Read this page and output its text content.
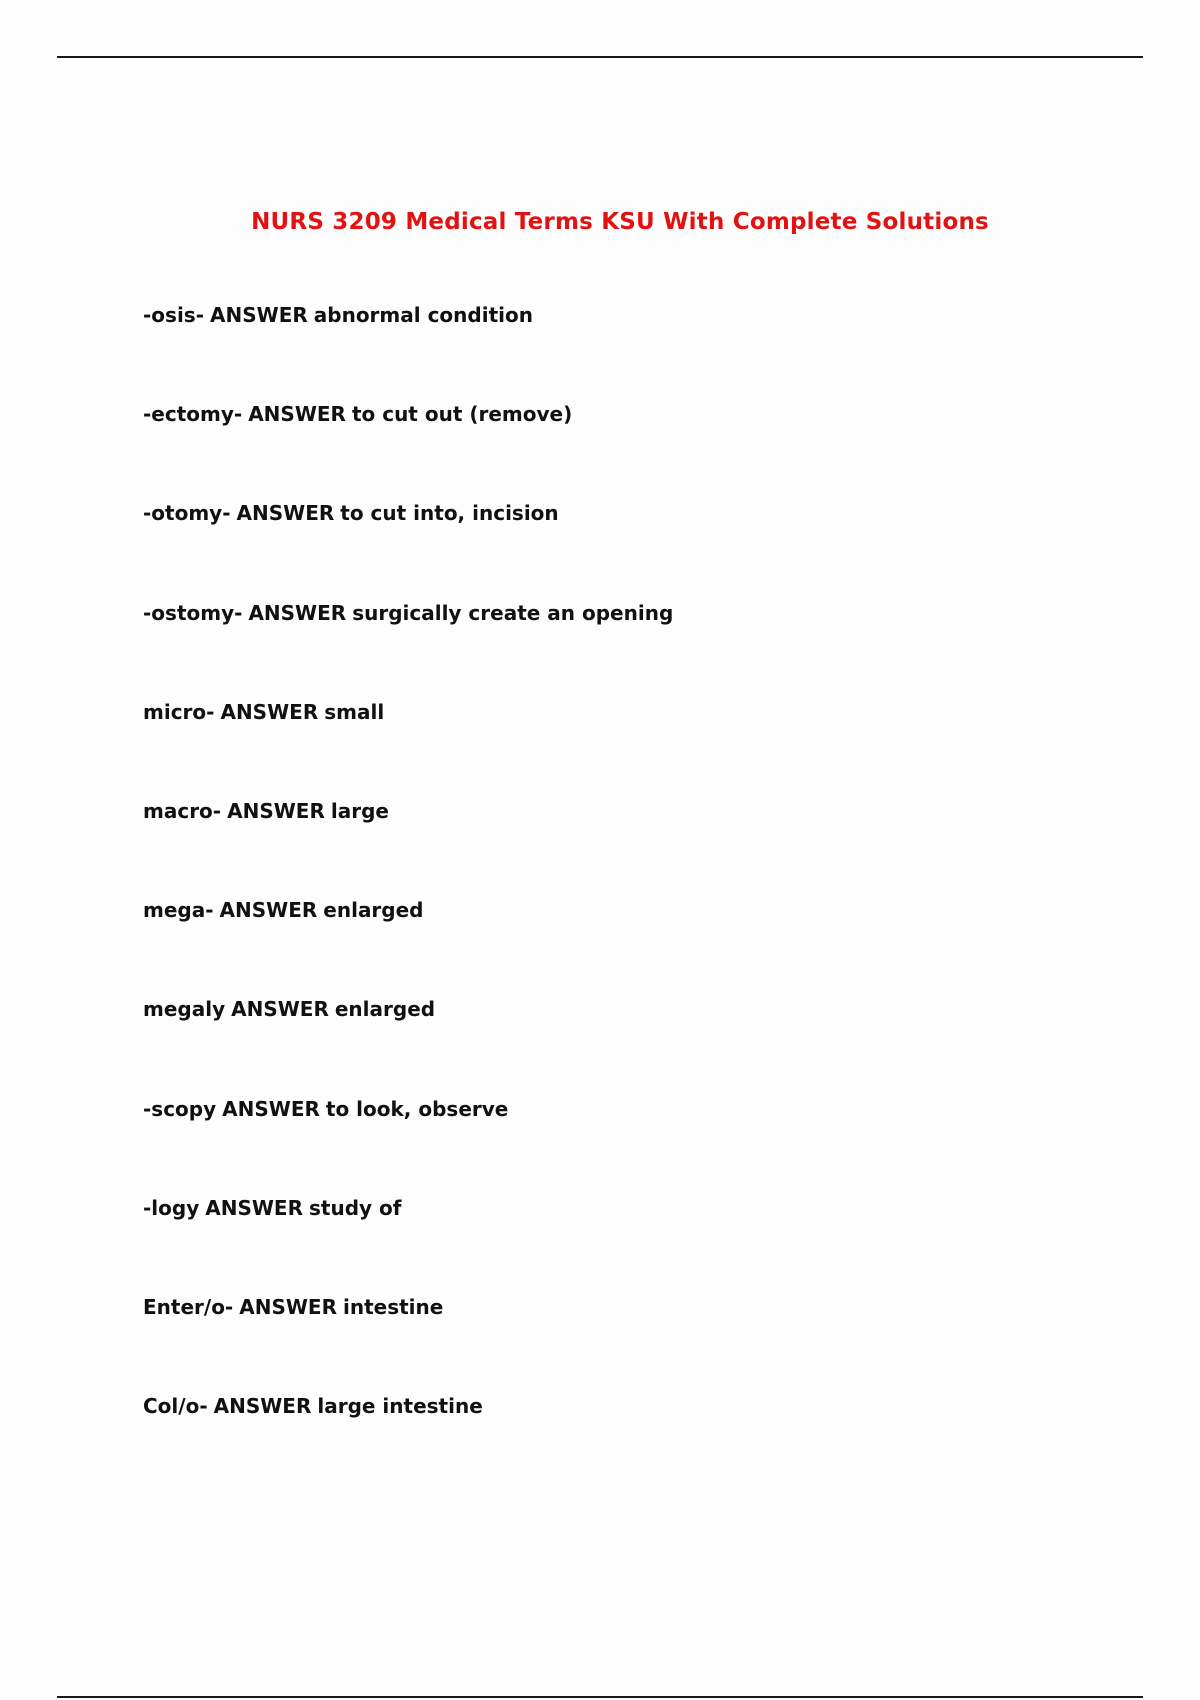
NURS 3209 Medical Terms KSU With Complete Solutions
-osis- ANSWER abnormal condition
-ectomy- ANSWER to cut out (remove)
-otomy- ANSWER to cut into, incision
-ostomy- ANSWER surgically create an opening
micro- ANSWER small
macro- ANSWER large
mega- ANSWER enlarged
megaly ANSWER enlarged
-scopy ANSWER to look, observe
-logy ANSWER study of
Enter/o- ANSWER intestine
Col/o- ANSWER large intestine
